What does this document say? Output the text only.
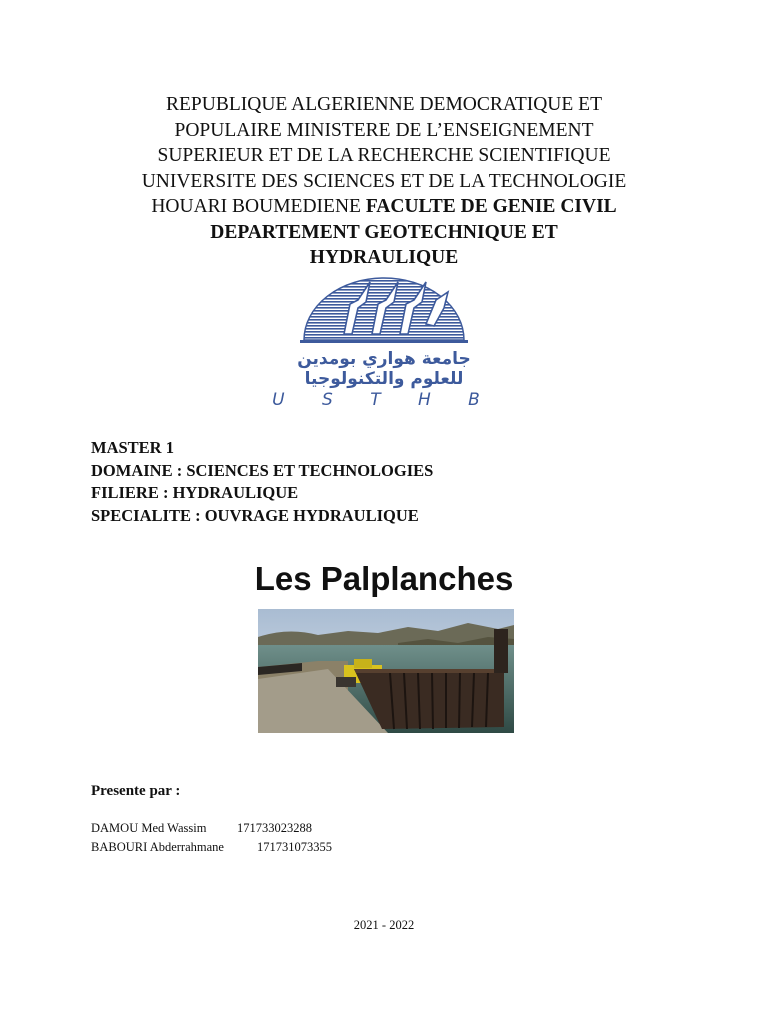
REPUBLIQUE ALGERIENNE DEMOCRATIQUE ET
POPULAIRE MINISTERE DE L’ENSEIGNEMENT
SUPERIEUR ET DE LA RECHERCHE SCIENTIFIQUE
UNIVERSITE DES SCIENCES ET DE LA TECHNOLOGIE
HOUARI BOUMEDIENE FACULTE DE GENIE CIVIL
DEPARTEMENT GEOTECHNIQUE ET
HYDRAULIQUE
جامعة هواري بومدين
للعلوم والتكنولوجيا
U S T H B
MASTER 1
DOMAINE : SCIENCES ET TECHNOLOGIES
FILIERE : HYDRAULIQUE
SPECIALITE : OUVRAGE HYDRAULIQUE
Les Palplanches
Presente par :
DAMOU Med Wassim 171733023288
BABOURI Abderrahmane	171731073355
2021 - 2022
